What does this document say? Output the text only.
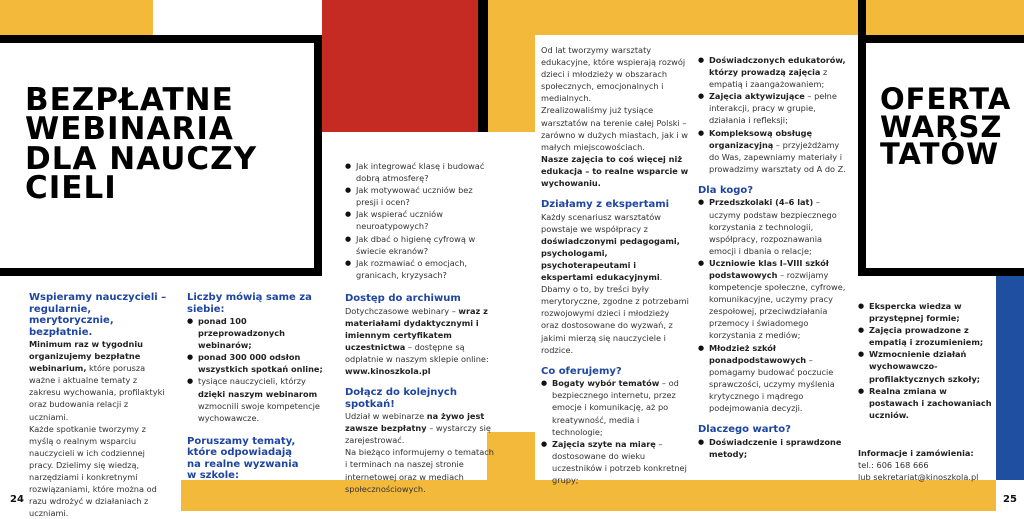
BEZPŁATNE
WEBINARIA
DLA NAUCZY
CIELI
OFERTA
WARSZ
TATÓW

Wspieramy nauczycieli – regularnie, merytorycznie, bezpłatnie.

Minimum raz w tygodniu organizujemy bezpłatne webinarium, które porusza ważne i aktualne tematy z zakresu wychowania, profilaktyki oraz budowania relacji z uczniami.

Każde spotkanie tworzymy z myślą o realnym wsparciu nauczycieli w ich codziennej pracy. Dzielimy się wiedzą, narzędziami i konkretnymi rozwiązaniami, które można od razu wdrożyć w działaniach z uczniami.

Liczby mówią same za siebie:

● ponad 100 przeprowadzonych webinarów;
● ponad 300 000 odsłon wszystkich spotkań online;
● tysiące nauczycieli, którzy dzięki naszym webinarom wzmocnili swoje kompetencje wychowawcze.

Poruszamy tematy, które odpowiadają na realne wyzwania w szkole:

● Jak integrować klasę i budować dobrą atmosferę?
● Jak motywować uczniów bez presji i ocen?
● Jak wspierać uczniów neuroatypowych?
● Jak dbać o higienę cyfrową w świecie ekranów?
● Jak rozmawiać o emocjach, granicach, kryzysach?

Dostęp do archiwum

Dotychczasowe webinary – wraz z materiałami dydaktycznymi i imiennym certyfikatem uczestnictwa – dostępne są odpłatnie w naszym sklepie online: www.kinoszkola.pl

Dołącz do kolejnych spotkań!

Udział w webinarze na żywo jest zawsze bezpłatny – wystarczy się zarejestrować.

Na bieżąco informujemy o tematach i terminach na naszej stronie internetowej oraz w mediach społecznościowych.

24

Od lat tworzymy warsztaty edukacyjne, które wspierają rozwój dzieci i młodzieży w obszarach społecznych, emocjonalnych i medialnych.

Zrealizowaliśmy już tysiące warsztatów na terenie całej Polski – zarówno w dużych miastach, jak i w małych miejscowościach.

Nasze zajęcia to coś więcej niż edukacja – to realne wsparcie w wychowaniu.

Działamy z ekspertami

Każdy scenariusz warsztatów powstaje we współpracy z doświadczonymi pedagogami, psychologami, psychoterapeutami i ekspertami edukacyjnymi. Dbamy o to, by treści były merytoryczne, zgodne z potrzebami rozwojowymi dzieci i młodzieży oraz dostosowane do wyzwań, z jakimi mierzą się nauczyciele i rodzice.

Co oferujemy?

● Bogaty wybór tematów – od bezpiecznego internetu, przez emocje i komunikację, aż po kreatywność, media i technologie;
● Zajęcia szyte na miarę – dostosowane do wieku uczestników i potrzeb konkretnej grupy;
● Doświadczonych edukatorów, którzy prowadzą zajęcia z empatią i zaangażowaniem;
● Zajęcia aktywizujące – pełne interakcji, pracy w grupie, działania i refleksji;
● Kompleksową obsługę organizacyjną – przyjeżdżamy do Was, zapewniamy materiały i prowadzimy warsztaty od A do Z.

Dla kogo?

● Przedszkolaki (4–6 lat) – uczymy podstaw bezpiecznego korzystania z technologii, współpracy, rozpoznawania emocji i dbania o relacje;
● Uczniowie klas I–VIII szkół podstawowych – rozwijamy kompetencje społeczne, cyfrowe, komunikacyjne, uczymy pracy zespołowej, przeciwdziałania przemocy i świadomego korzystania z mediów;
● Młodzież szkół ponadpodstawowych – pomagamy budować poczucie sprawczości, uczymy myślenia krytycznego i mądrego podejmowania decyzji.

Dlaczego warto?

● Doświadczenie i sprawdzone metody;
● Ekspercka wiedza w przystępnej formie;
● Zajęcia prowadzone z empatią i zrozumieniem;
● Wzmocnienie działań wychowawczo-profilaktycznych szkoły;
● Realna zmiana w postawach i zachowaniach uczniów.

Informacje i zamówienia:

tel.: 606 168 666

lub sekretariat@kinoszkola.pl

25
